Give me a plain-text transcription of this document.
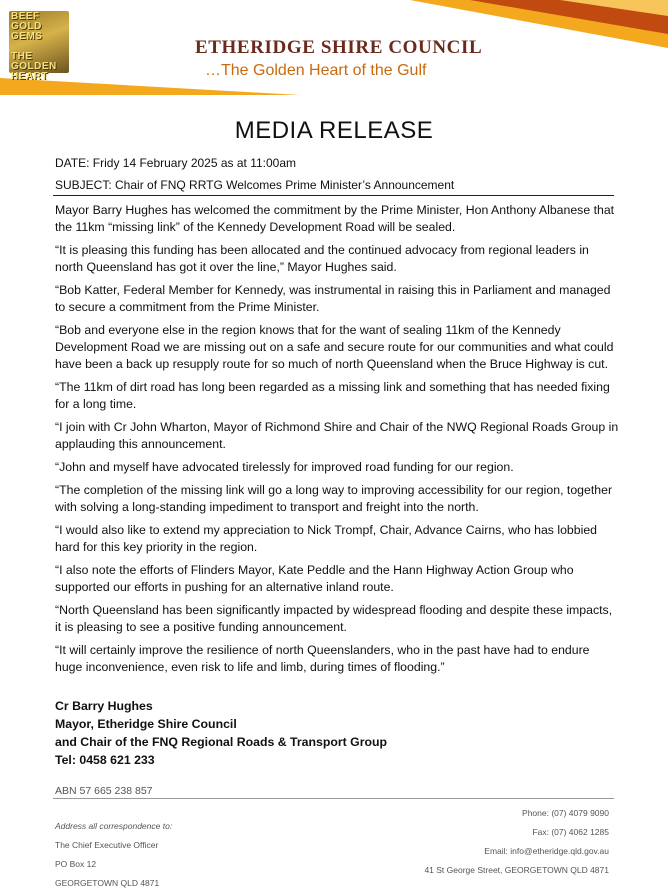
BEEF GOLD
GEMS

THE
GOLDEN
HEART
ETHERIDGE SHIRE COUNCIL
…The Golden Heart of the Gulf
MEDIA RELEASE
DATE: Fridy 14 February 2025 as at 11:00am
SUBJECT: Chair of FNQ RRTG Welcomes Prime Minister’s Announcement

Mayor Barry Hughes has welcomed the commitment by the Prime Minister, Hon Anthony Albanese that the 11km “missing link” of the Kennedy Development Road will be sealed.

“It is pleasing this funding has been allocated and the continued advocacy from regional leaders in north Queensland has got it over the line,” Mayor Hughes said.

“Bob Katter, Federal Member for Kennedy, was instrumental in raising this in Parliament and managed to secure a commitment from the Prime Minister.

“Bob and everyone else in the region knows that for the want of sealing 11km of the Kennedy Development Road we are missing out on a safe and secure route for our communities and what could have been a back up resupply route for so much of north Queensland when the Bruce Highway is cut.

“The 11km of dirt road has long been regarded as a missing link and something that has needed fixing for a long time.

“I join with Cr John Wharton, Mayor of Richmond Shire and Chair of the NWQ Regional Roads Group in applauding this announcement.

“John and myself have advocated tirelessly for improved road funding for our region.

“The completion of the missing link will go a long way to improving accessibility for our region, together with solving a long-standing impediment to transport and freight into the north.

“I would also like to extend my appreciation to Nick Trompf, Chair, Advance Cairns, who has lobbied hard for this key priority in the region.

“I also note the efforts of Flinders Mayor, Kate Peddle and the Hann Highway Action Group who supported our efforts in pushing for an alternative inland route.

“North Queensland has been significantly impacted by widespread flooding and despite these impacts, it is pleasing to see a positive funding announcement.

“It will certainly improve the resilience of north Queenslanders, who in the past have had to endure huge inconvenience, even risk to life and limb, during times of flooding.”

Cr Barry Hughes
Mayor, Etheridge Shire Council
and Chair of the FNQ Regional Roads & Transport Group
Tel: 0458 621 233
ABN 57 665 238 857
Address all correspondence to:
The Chief Executive Officer
PO Box 12
GEORGETOWN QLD 4871
Phone: (07) 4079 9090
Fax: (07) 4062 1285
Email: info@etheridge.qld.gov.au
41 St George Street, GEORGETOWN QLD 4871
